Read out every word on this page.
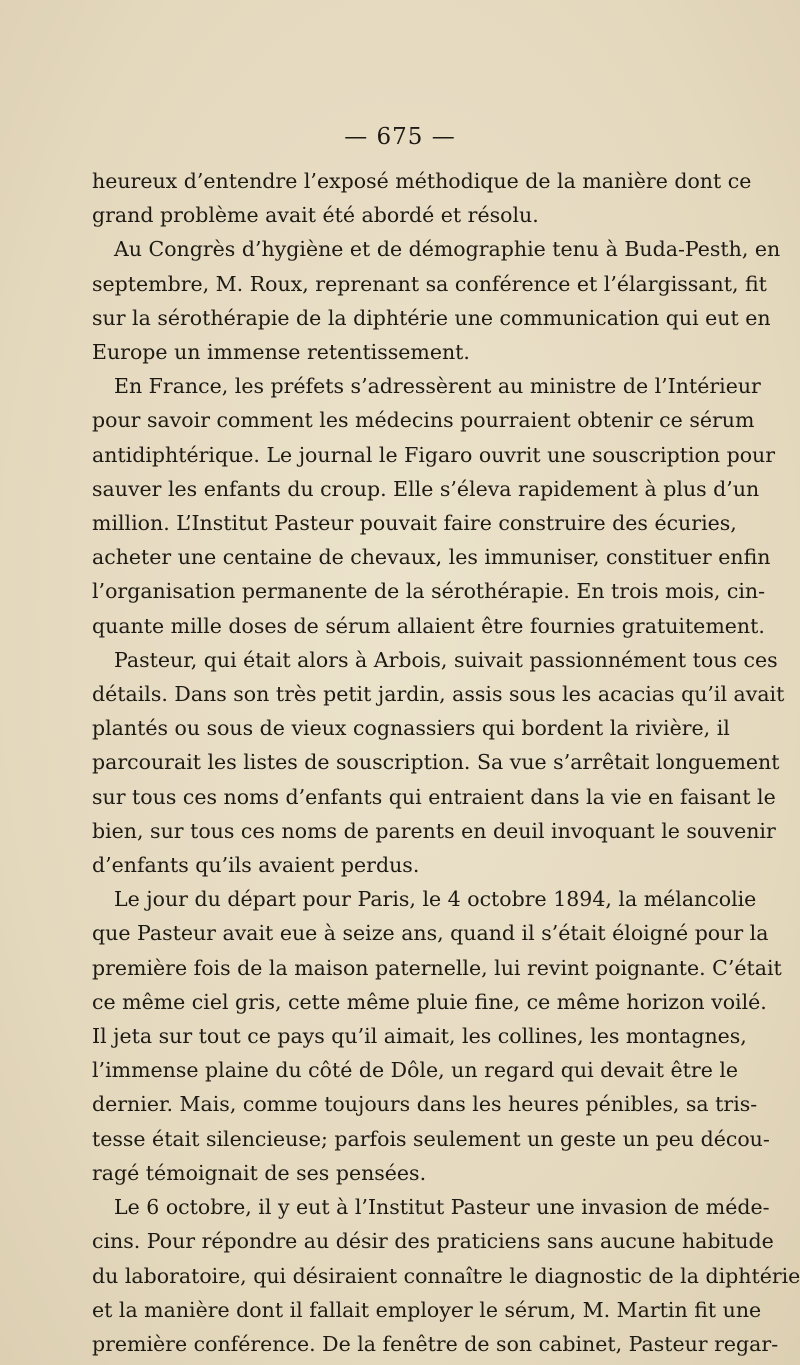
— 675 —
heureux d’entendre l’exposé méthodique de la manière dont ce
grand problème avait été abordé et résolu.
Au Congrès d’hygiène et de démographie tenu à Buda-Pesth, en
septembre, M. Roux, reprenant sa conférence et l’élargissant, fit
sur la sérothérapie de la diphtérie une communication qui eut en
Europe un immense retentissement.
En France, les préfets s’adressèrent au ministre de l’Intérieur
pour savoir comment les médecins pourraient obtenir ce sérum
antidiphtérique. Le journal le Figaro ouvrit une souscription pour
sauver les enfants du croup. Elle s’éleva rapidement à plus d’un
million. L’Institut Pasteur pouvait faire construire des écuries,
acheter une centaine de chevaux, les immuniser, constituer enfin
l’organisation permanente de la sérothérapie. En trois mois, cin-
quante mille doses de sérum allaient être fournies gratuitement.
Pasteur, qui était alors à Arbois, suivait passionnément tous ces
détails. Dans son très petit jardin, assis sous les acacias qu’il avait
plantés ou sous de vieux cognassiers qui bordent la rivière, il
parcourait les listes de souscription. Sa vue s’arrêtait longuement
sur tous ces noms d’enfants qui entraient dans la vie en faisant le
bien, sur tous ces noms de parents en deuil invoquant le souvenir
d’enfants qu’ils avaient perdus.
Le jour du départ pour Paris, le 4 octobre 1894, la mélancolie
que Pasteur avait eue à seize ans, quand il s’était éloigné pour la
première fois de la maison paternelle, lui revint poignante. C’était
ce même ciel gris, cette même pluie fine, ce même horizon voilé.
Il jeta sur tout ce pays qu’il aimait, les collines, les montagnes,
l’immense plaine du côté de Dôle, un regard qui devait être le
dernier. Mais, comme toujours dans les heures pénibles, sa tris-
tesse était silencieuse; parfois seulement un geste un peu décou-
ragé témoignait de ses pensées.
Le 6 octobre, il y eut à l’Institut Pasteur une invasion de méde-
cins. Pour répondre au désir des praticiens sans aucune habitude
du laboratoire, qui désiraient connaître le diagnostic de la diphtérie
et la manière dont il fallait employer le sérum, M. Martin fit une
première conférence. De la fenêtre de son cabinet, Pasteur regar-
